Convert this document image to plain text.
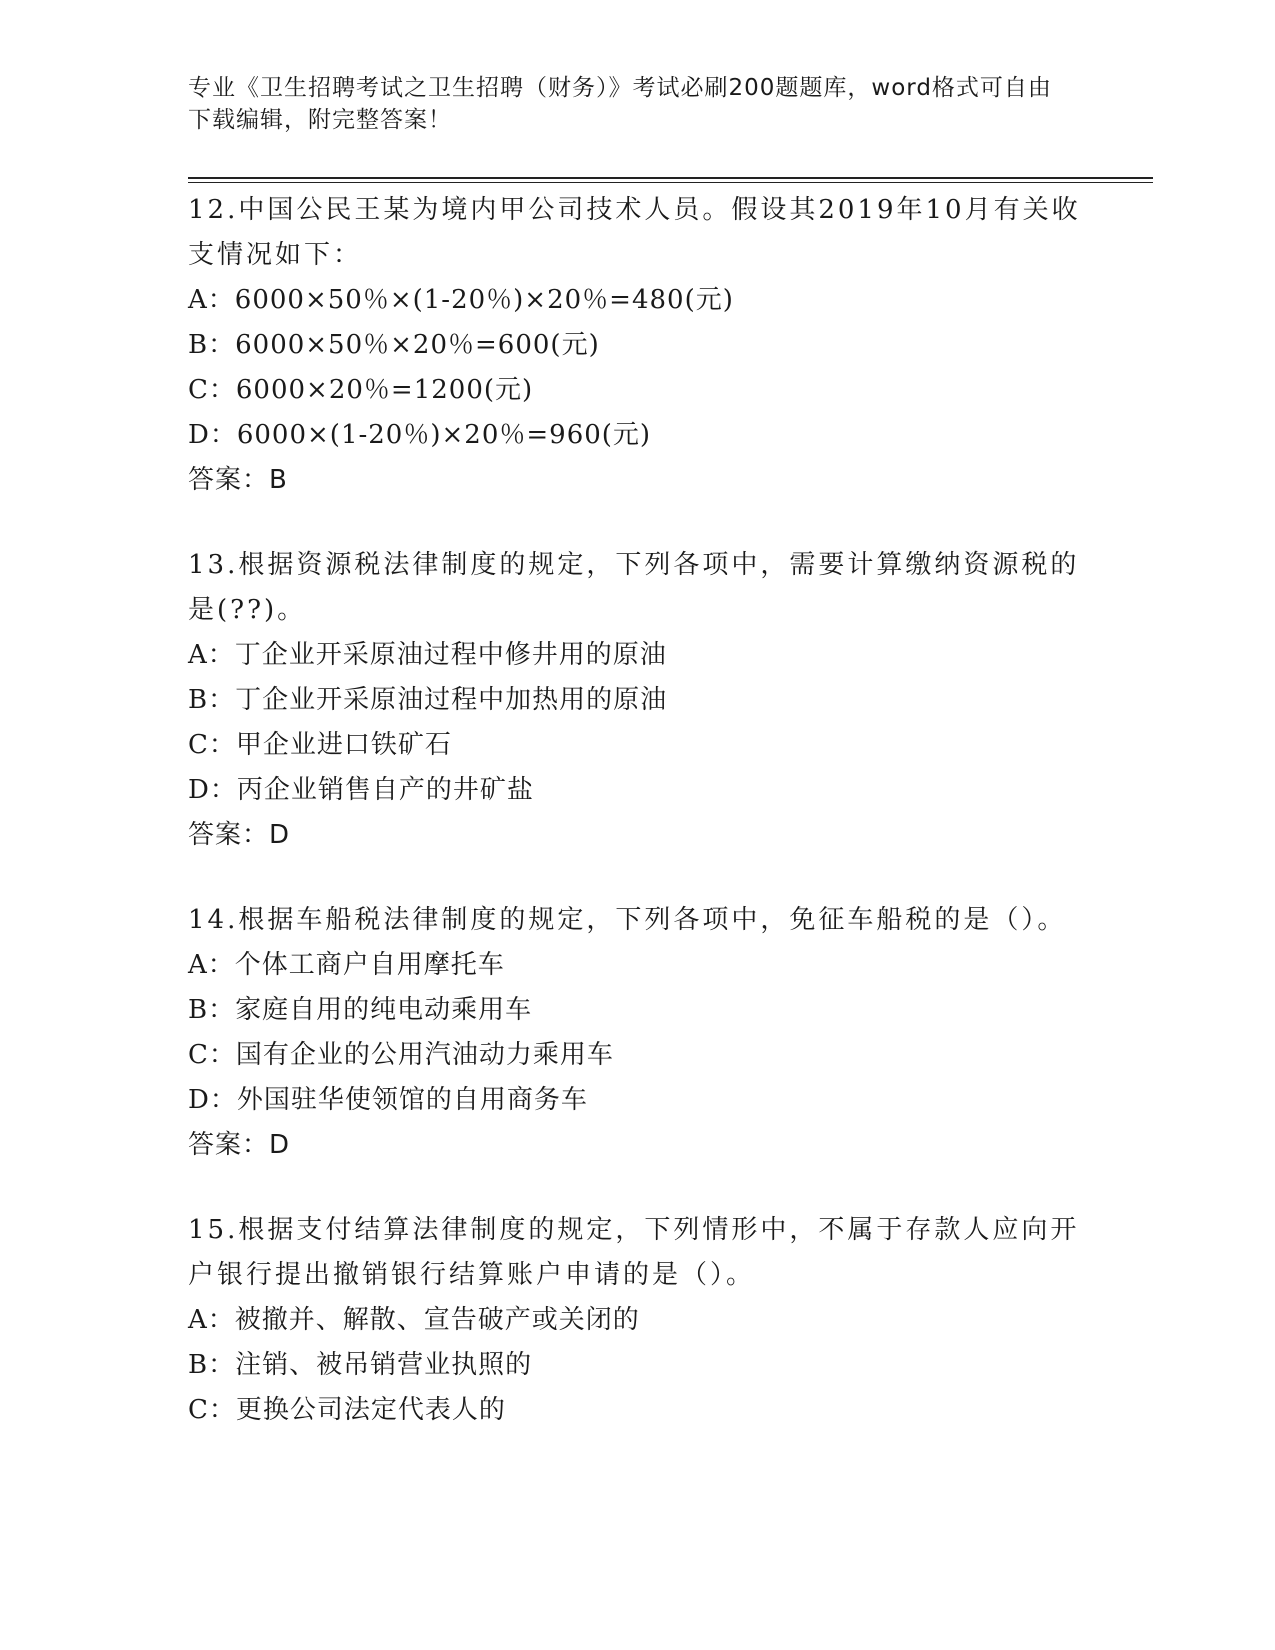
专业《卫生招聘考试之卫生招聘（财务）》考试必刷200题题库，word格式可自由下载编辑，附完整答案！
12.中国公民王某为境内甲公司技术人员。假设其2019年10月有关收支情况如下：
A：6000×50％×(1-20％)×20％=480(元)
B：6000×50％×20％=600(元)
C：6000×20％=1200(元)
D：6000×(1-20％)×20％=960(元)
答案：B
13.根据资源税法律制度的规定，下列各项中，需要计算缴纳资源税的是(??)。
A：丁企业开采原油过程中修井用的原油
B：丁企业开采原油过程中加热用的原油
C：甲企业进口铁矿石
D：丙企业销售自产的井矿盐
答案：D
14.根据车船税法律制度的规定，下列各项中，免征车船税的是（）。
A：个体工商户自用摩托车
B：家庭自用的纯电动乘用车
C：国有企业的公用汽油动力乘用车
D：外国驻华使领馆的自用商务车
答案：D
15.根据支付结算法律制度的规定，下列情形中，不属于存款人应向开户银行提出撤销银行结算账户申请的是（）。
A：被撤并、解散、宣告破产或关闭的
B：注销、被吊销营业执照的
C：更换公司法定代表人的
